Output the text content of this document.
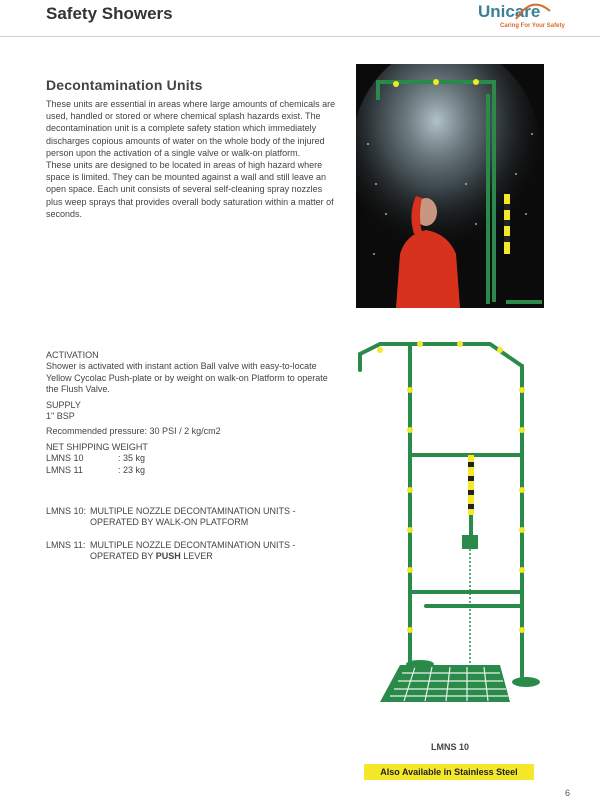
Safety Showers	Unicare
Caring For Your Safety
Decontamination Units

These units are essential in areas where large amounts of chemicals are used, handled or stored or where chemical splash hazards exist. The decontamination unit is a complete safety station which immediately discharges copious amounts of water on the whole body of the injured person upon the activation of a single valve or walk-on platform.

These units are designed to be located in areas of high hazard where space is limited. They can be mounted against a wall and still leave an open space. Each unit consists of several self-cleaning spray nozzles plus weep sprays that provides overall body saturation within a matter of seconds.

ACTIVATION
Shower is activated with instant action Ball valve with easy-to-locate Yellow Cycolac Push-plate or by weight on walk-on Platform to operate the Flush Valve.
SUPPLY
1" BSP
Recommended pressure: 30 PSI / 2 kg/cm2
NET SHIPPING WEIGHT
LMNS 10	: 35 kg
LMNS 11	: 23 kg
LMNS 10: MULTIPLE NOZZLE DECONTAMINATION UNITS -
OPERATED BY WALK-ON PLATFORM
LMNS 11: MULTIPLE NOZZLE DECONTAMINATION UNITS -
OPERATED BY PUSH LEVER
LMNS 10
Also Available in Stainless Steel
6
